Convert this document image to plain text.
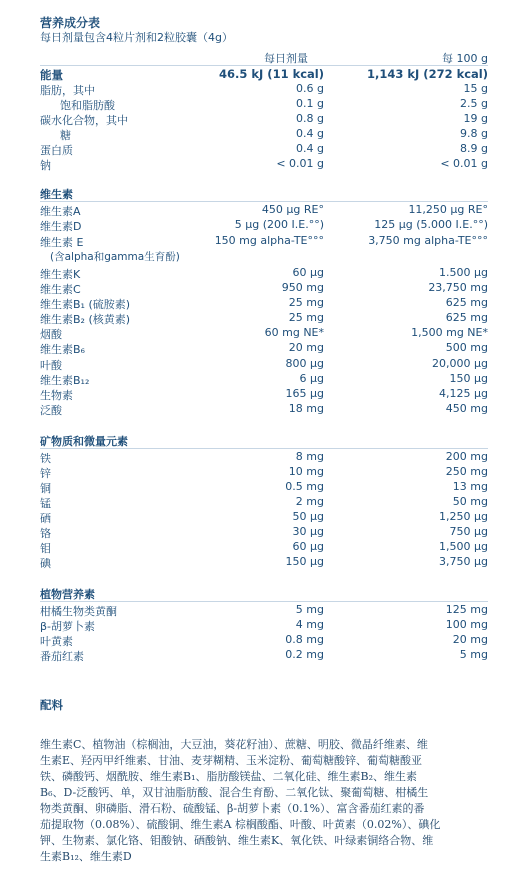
营养成分表
每日剂量包含4粒片剂和2粒胶囊（4g）
每日剂量	每 100 g
能量	46.5 kJ (11 kcal)	1,143 kJ (272 kcal)
脂肪，其中	0.6 g	15 g
饱和脂肪酸	0.1 g	2.5 g
碳水化合物，其中	0.8 g	19 g
糖	0.4 g	9.8 g
蛋白质	0.4 g	8.9 g
钠	< 0.01 g	< 0.01 g
维生素
维生素A	450 μg RE°	11,250 μg RE°
维生素D	5 μg (200 I.E.°°)	125 μg (5.000 I.E.°°)
维生素 E	150 mg alpha-TE°°°	3,750 mg alpha-TE°°°
(含alpha和gamma生育酚)
维生素K	60 μg	1.500 μg
维生素C	950 mg	23,750 mg
维生素B₁ (硫胺素)	25 mg	625 mg
维生素B₂ (核黄素)	25 mg	625 mg
烟酸	60 mg NE*	1,500 mg NE*
维生素B₆	20 mg	500 mg
叶酸	800 μg	20,000 μg
维生素B₁₂	6 μg	150 μg
生物素	165 μg	4,125 μg
泛酸	18 mg	450 mg
矿物质和微量元素
铁	8 mg	200 mg
锌	10 mg	250 mg
铜	0.5 mg	13 mg
锰	2 mg	50 mg
硒	50 μg	1,250 μg
铬	30 μg	750 μg
钼	60 μg	1,500 μg
碘	150 μg	3,750 μg
植物营养素
柑橘生物类黄酮	5 mg	125 mg
β-胡萝卜素	4 mg	100 mg
叶黄素	0.8 mg	20 mg
番茄红素	0.2 mg	5 mg
配料
维生素C、植物油（棕榈油，大豆油，葵花籽油）、蔗糖、明胶、微晶纤维素、维
生素E、羟丙甲纤维素、甘油、麦芽糊精、玉米淀粉、葡萄糖酸锌、葡萄糖酸亚
铁、磷酸钙、烟酰胺、维生素B₁、脂肪酸镁盐、二氧化硅、维生素B₂、维生素
B₆、D-泛酸钙、单，双甘油脂肪酸、混合生育酚、二氧化钛、聚葡萄糖、柑橘生
物类黄酮、卵磷脂、滑石粉、硫酸锰、β-胡萝卜素（0.1%）、富含番茄红素的番
茄提取物（0.08%）、硫酸铜、维生素A 棕榈酸酯、叶酸、叶黄素（0.02%）、碘化
钾、生物素、氯化铬、钼酸钠、硒酸钠、维生素K、氧化铁、叶绿素铜络合物、维
生素B₁₂、维生素D
